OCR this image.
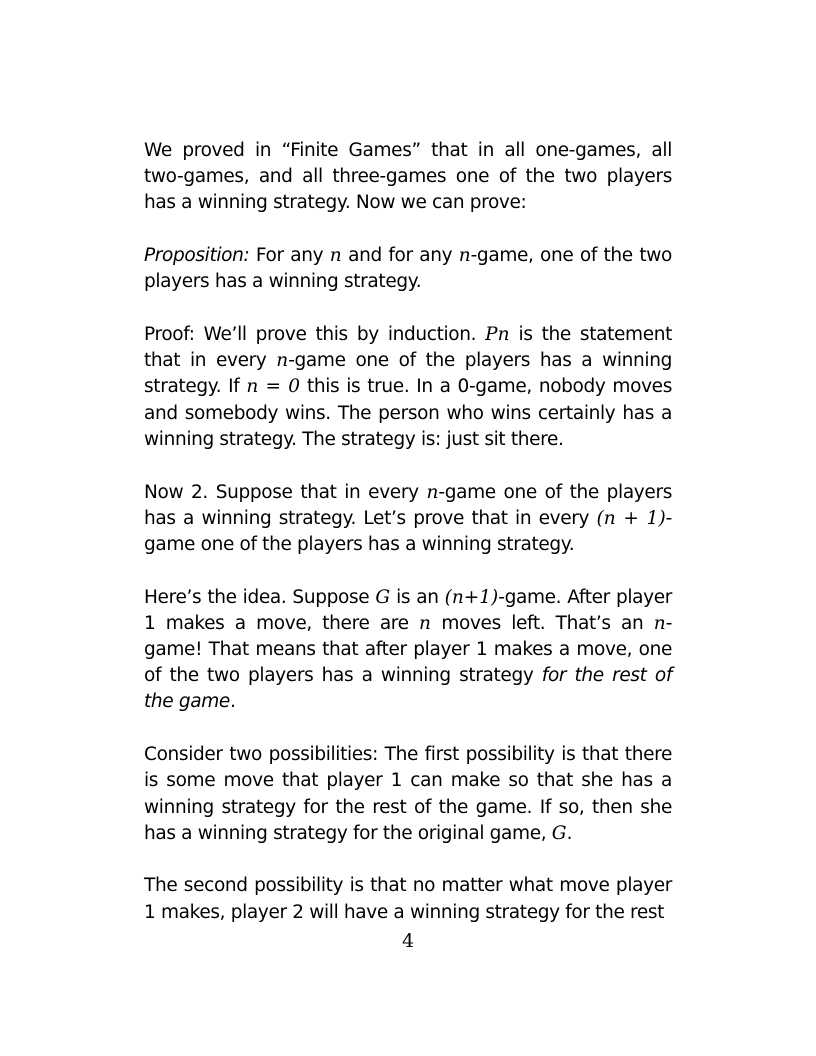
We proved in “Finite Games” that in all one-games, all two-games, and all three-games one of the two players has a winning strategy. Now we can prove:

Proposition: For any n and for any n-game, one of the two players has a winning strategy.

Proof: We’ll prove this by induction. Pn is the statement that in every n-game one of the players has a winning strategy. If n = 0 this is true. In a 0-game, nobody moves and somebody wins. The person who wins certainly has a winning strategy. The strategy is: just sit there.

Now 2. Suppose that in every n-game one of the players has a winning strategy. Let’s prove that in every (n + 1)-game one of the players has a winning strategy.

Here’s the idea. Suppose G is an (n+1)-game. After player 1 makes a move, there are n moves left. That’s an n-game! That means that after player 1 makes a move, one of the two players has a winning strategy for the rest of the game.

Consider two possibilities: The first possibility is that there is some move that player 1 can make so that she has a winning strategy for the rest of the game. If so, then she has a winning strategy for the original game, G.

The second possibility is that no matter what move player 1 makes, player 2 will have a winning strategy for the rest

4
